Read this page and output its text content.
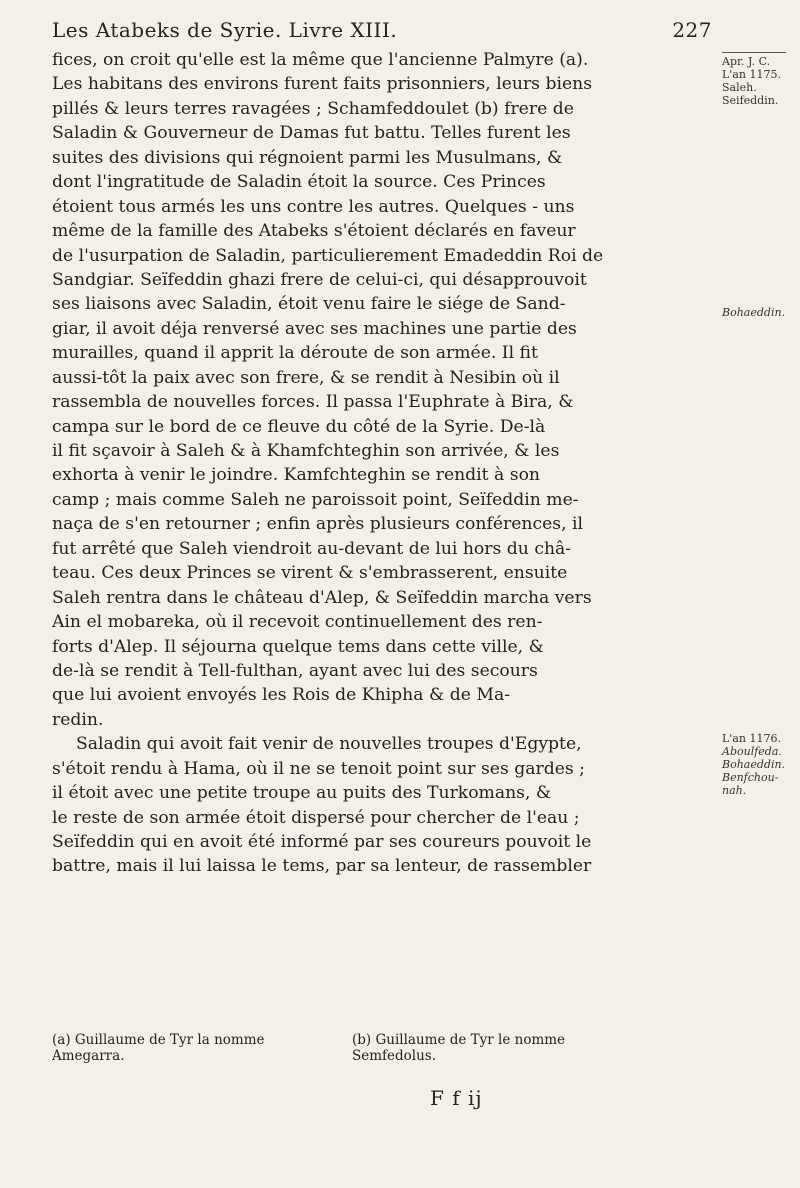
Les Atabeks de Syrie. Livre XIII.	227
fices, on croit qu'elle est la même que l'ancienne Palmyre (a).
Les habitans des environs furent faits prisonniers, leurs biens
pillés & leurs terres ravagées ; Schamfeddoulet (b) frere de
Saladin & Gouverneur de Damas fut battu. Telles furent les
suites des divisions qui régnoient parmi les Musulmans, &
dont l'ingratitude de Saladin étoit la source. Ces Princes
étoient tous armés les uns contre les autres. Quelques - uns
même de la famille des Atabeks s'étoient déclarés en faveur
de l'usurpation de Saladin, particulierement Emadeddin Roi de
Sandgiar. Seïfeddin ghazi frere de celui-ci, qui désapprouvoit
ses liaisons avec Saladin, étoit venu faire le siége de Sand-
giar, il avoit déja renversé avec ses machines une partie des
murailles, quand il apprit la déroute de son armée. Il fit
aussi-tôt la paix avec son frere, & se rendit à Nesibin où il
rassembla de nouvelles forces. Il passa l'Euphrate à Bira, &
campa sur le bord de ce fleuve du côté de la Syrie. De-là
il fit sçavoir à Saleh & à Khamfchteghin son arrivée, & les
exhorta à venir le joindre. Kamfchteghin se rendit à son
camp ; mais comme Saleh ne paroissoit point, Seïfeddin me-
naça de s'en retourner ; enfin après plusieurs conférences, il
fut arrêté que Saleh viendroit au-devant de lui hors du châ-
teau. Ces deux Princes se virent & s'embrasserent, ensuite
Saleh rentra dans le château d'Alep, & Seïfeddin marcha vers
Ain el mobareka, où il recevoit continuellement des ren-
forts d'Alep. Il séjourna quelque tems dans cette ville, &
de-là se rendit à Tell-fulthan, ayant avec lui des secours
que lui avoient envoyés les Rois de Khipha & de Ma-
redin.
Saladin qui avoit fait venir de nouvelles troupes d'Egypte,
s'étoit rendu à Hama, où il ne se tenoit point sur ses gardes ;
il étoit avec une petite troupe au puits des Turkomans, &
le reste de son armée étoit dispersé pour chercher de l'eau ;
Seïfeddin qui en avoit été informé par ses coureurs pouvoit le
battre, mais il lui laissa le tems, par sa lenteur, de rassembler
Apr. J. C.
L'an 1175.
Saleh.
Seifeddin.
Bohaeddin.
L'an 1176.
Aboulfeda.
Bohaeddin.
Benfchou-
nah.
(a) Guillaume de Tyr la nomme
Amegarra.
(b) Guillaume de Tyr le nomme
Semfedolus.
F f ij
